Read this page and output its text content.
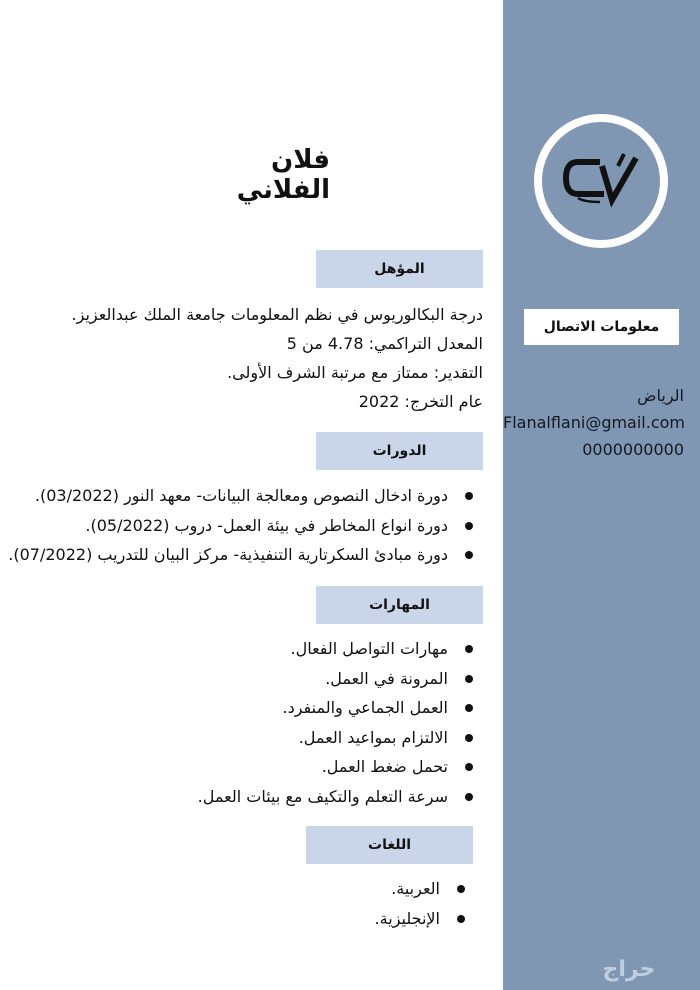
معلومات الاتصال
الرياض
Flanalflani@gmail.com
0000000000
حراج
فلان الفلاني
المؤهل
درجة البكالوريوس في نظم المعلومات جامعة الملك عبدالعزيز.
المعدل التراكمي: 4.78 من 5
التقدير: ممتاز مع مرتبة الشرف الأولى.
عام التخرج: 2022
الدورات
دورة ادخال النصوص ومعالجة البيانات- معهد النور (03/2022).
دورة انواع المخاطر في بيئة العمل- دروب (05/2022).
دورة مبادئ السكرتارية التنفيذية- مركز البيان للتدريب (07/2022).
المهارات
مهارات التواصل الفعال.
المرونة في العمل.
العمل الجماعي والمنفرد.
الالتزام بمواعيد العمل.
تحمل ضغط العمل.
سرعة التعلم والتكيف مع بيئات العمل.
اللغات
العربية.
الإنجليزية.
